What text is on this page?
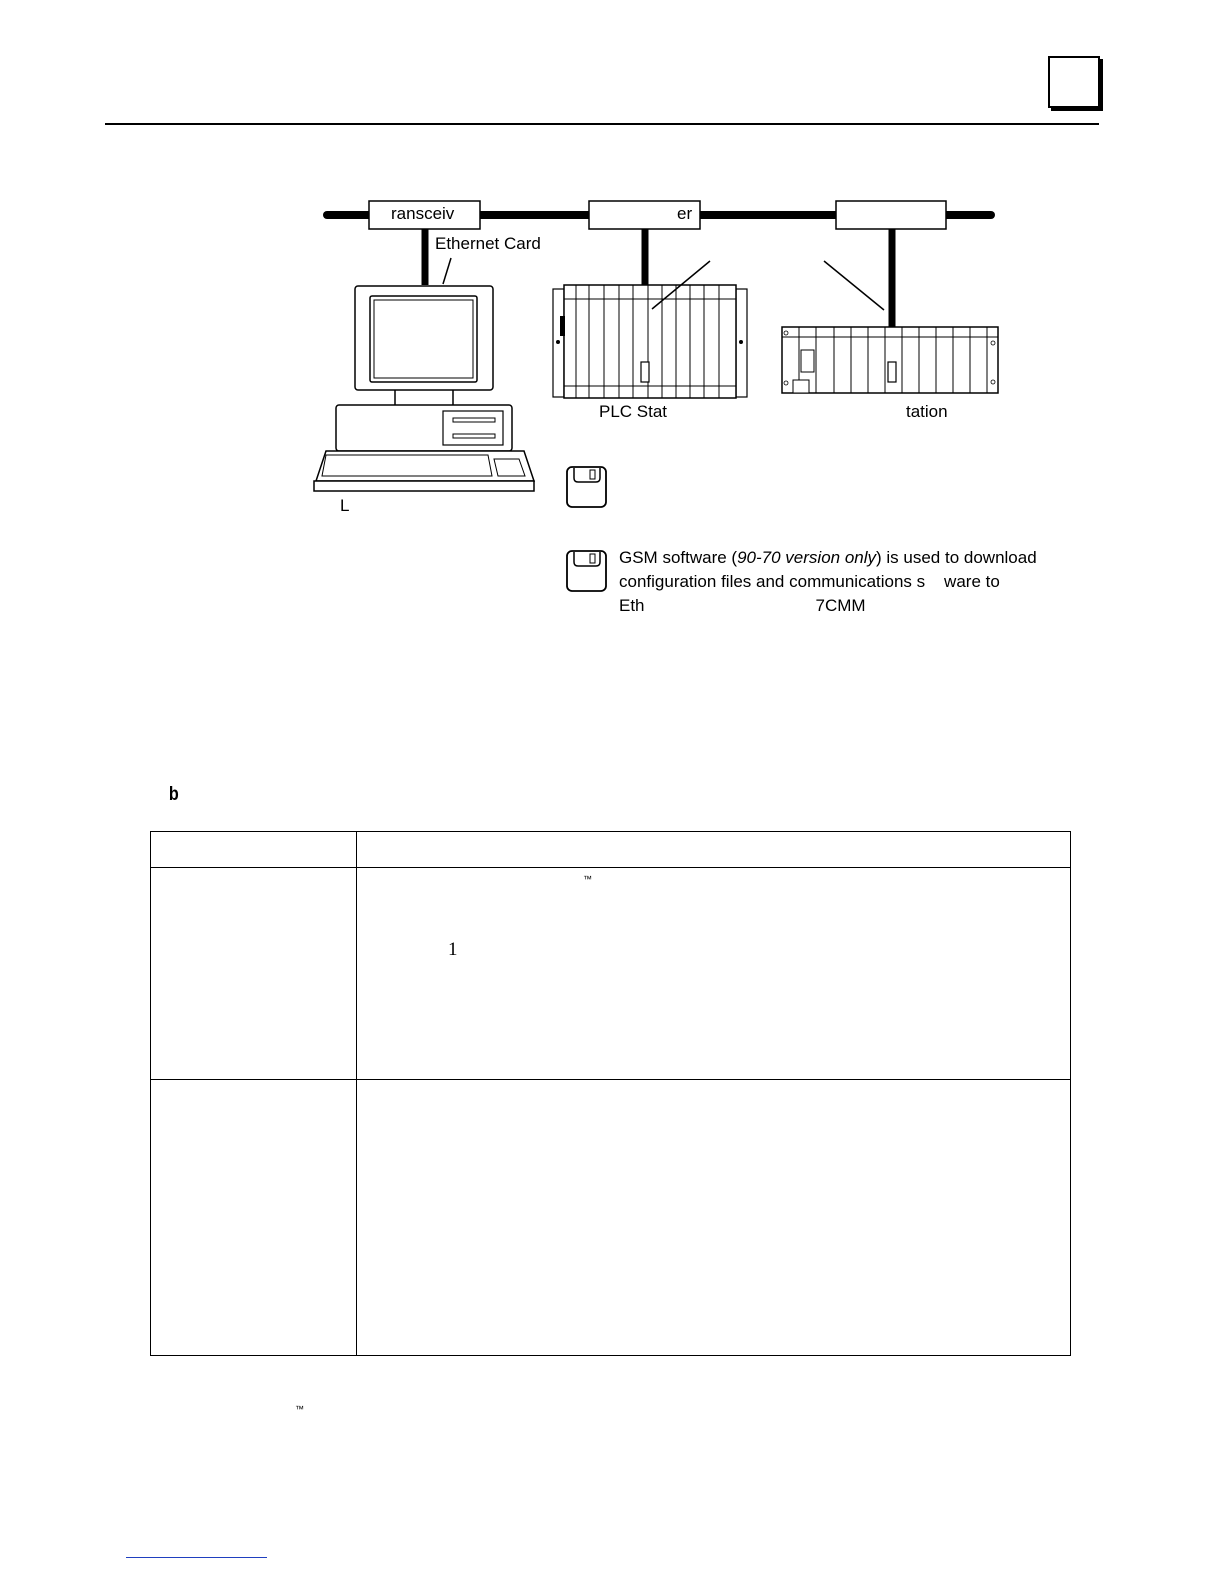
ransceiv	er
Ethernet Card
PLC Stat	tation
L
GSM software (90-70 version only) is used to download
configuration files and communications s    ware to
Eth	7CMM
b

™
1
™
